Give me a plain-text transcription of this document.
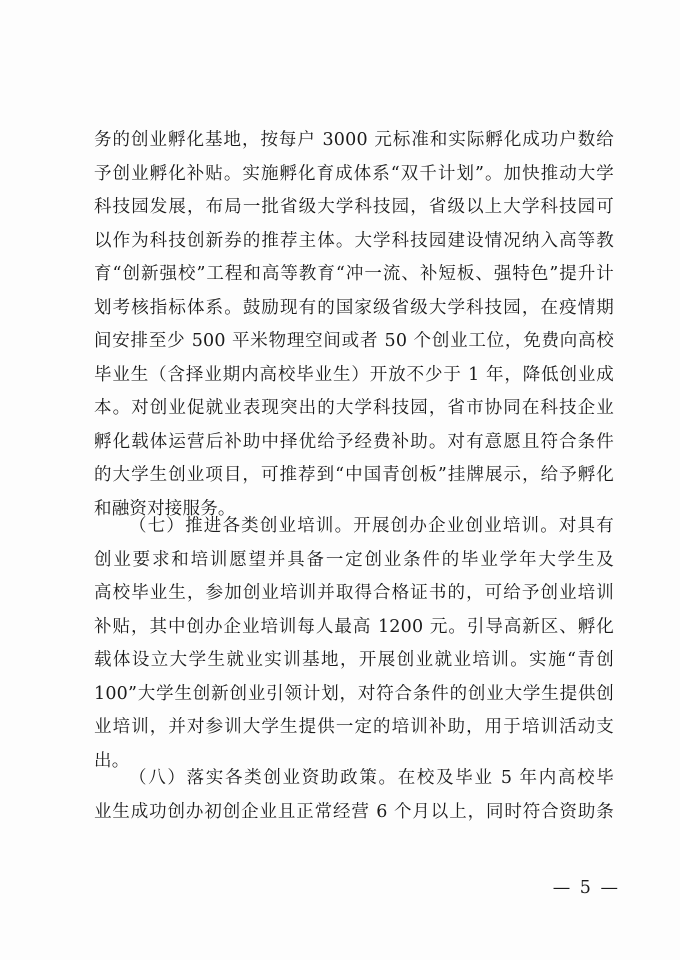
务的创业孵化基地，按每户 3000 元标准和实际孵化成功户数给
予创业孵化补贴。实施孵化育成体系“双千计划”。加快推动大学
科技园发展，布局一批省级大学科技园，省级以上大学科技园可
以作为科技创新券的推荐主体。大学科技园建设情况纳入高等教
育“创新强校”工程和高等教育“冲一流、补短板、强特色”提升计
划考核指标体系。鼓励现有的国家级省级大学科技园，在疫情期
间安排至少 500 平米物理空间或者 50 个创业工位，免费向高校
毕业生（含择业期内高校毕业生）开放不少于 1 年，降低创业成
本。对创业促就业表现突出的大学科技园，省市协同在科技企业
孵化载体运营后补助中择优给予经费补助。对有意愿且符合条件
的大学生创业项目，可推荐到“中国青创板”挂牌展示，给予孵化
和融资对接服务。
（七）推进各类创业培训。开展创办企业创业培训。对具有
创业要求和培训愿望并具备一定创业条件的毕业学年大学生及
高校毕业生，参加创业培训并取得合格证书的，可给予创业培训
补贴，其中创办企业培训每人最高 1200 元。引导高新区、孵化
载体设立大学生就业实训基地，开展创业就业培训。实施“青创
100”大学生创新创业引领计划，对符合条件的创业大学生提供创
业培训，并对参训大学生提供一定的培训补助，用于培训活动支
出。
（八）落实各类创业资助政策。在校及毕业 5 年内高校毕
业生成功创办初创企业且正常经营 6 个月以上，同时符合资助条
— 5 —
